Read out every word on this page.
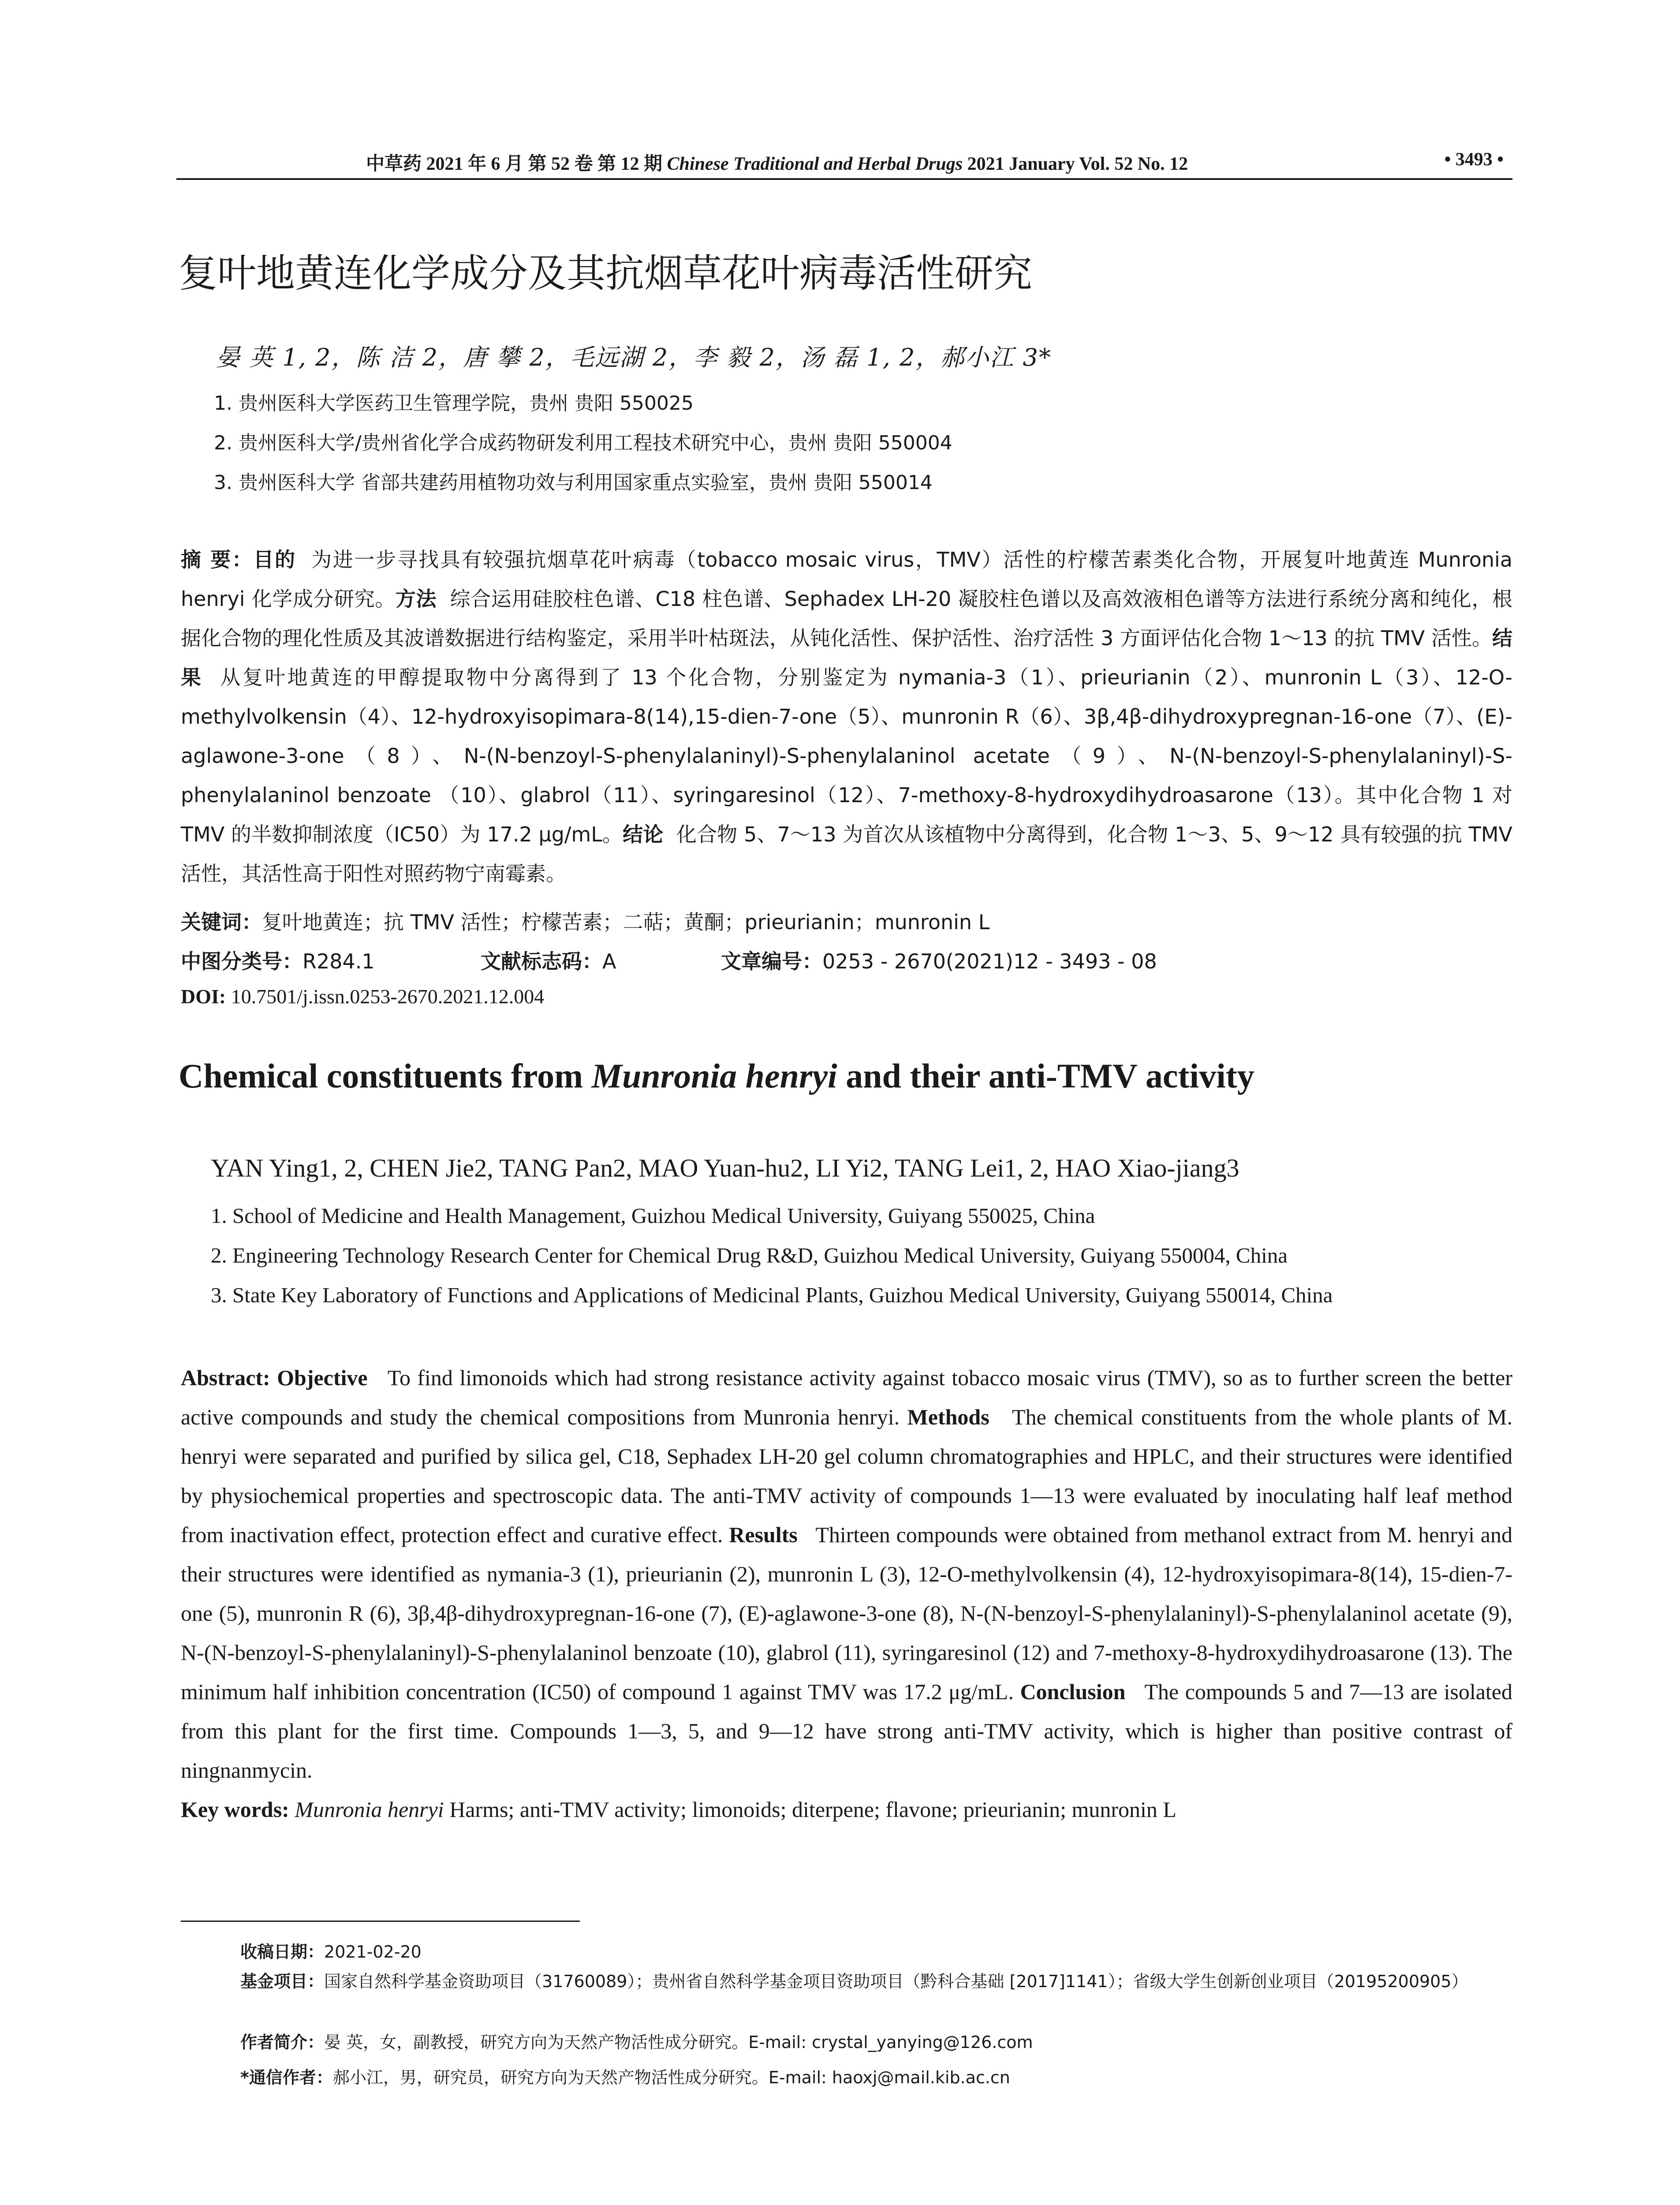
中草药 2021 年 6 月 第 52 卷 第 12 期 Chinese Traditional and Herbal Drugs 2021 January Vol. 52 No. 12	• 3493 •
复叶地黄连化学成分及其抗烟草花叶病毒活性研究
晏 英 1, 2，陈 洁 2，唐 攀 2，毛远湖 2，李 毅 2，汤 磊 1, 2，郝小江 3*
1. 贵州医科大学医药卫生管理学院，贵州 贵阳 550025
2. 贵州医科大学/贵州省化学合成药物研发利用工程技术研究中心，贵州 贵阳 550004
3. 贵州医科大学 省部共建药用植物功效与利用国家重点实验室，贵州 贵阳 550014
摘 要：目的 为进一步寻找具有较强抗烟草花叶病毒（tobacco mosaic virus，TMV）活性的柠檬苦素类化合物，开展复叶地黄连 Munronia henryi 化学成分研究。方法 综合运用硅胶柱色谱、C18 柱色谱、Sephadex LH-20 凝胶柱色谱以及高效液相色谱等方法进行系统分离和纯化，根据化合物的理化性质及其波谱数据进行结构鉴定，采用半叶枯斑法，从钝化活性、保护活性、治疗活性 3 方面评估化合物 1～13 的抗 TMV 活性。结果 从复叶地黄连的甲醇提取物中分离得到了 13 个化合物，分别鉴定为 nymania-3（1）、prieurianin（2）、munronin L（3）、12-O-methylvolkensin（4）、12-hydroxyisopimara-8(14),15-dien-7-one（5）、munronin R（6）、3β,4β-dihydroxypregnan-16-one（7）、(E)-aglawone-3-one（8）、N-(N-benzoyl-S-phenylalaninyl)-S-phenylalaninol acetate（9）、N-(N-benzoyl-S-phenylalaninyl)-S-phenylalaninol benzoate （10）、glabrol（11）、syringaresinol（12）、7-methoxy-8-hydroxydihydroasarone（13）。其中化合物 1 对 TMV 的半数抑制浓度（IC50）为 17.2 μg/mL。结论 化合物 5、7～13 为首次从该植物中分离得到，化合物 1～3、5、9～12 具有较强的抗 TMV 活性，其活性高于阳性对照药物宁南霉素。
关键词：复叶地黄连；抗 TMV 活性；柠檬苦素；二萜；黄酮；prieurianin；munronin L
中图分类号：R284.1	文献标志码：A	文章编号：0253 - 2670(2021)12 - 3493 - 08
DOI: 10.7501/j.issn.0253-2670.2021.12.004
Chemical constituents from Munronia henryi and their anti-TMV activity
YAN Ying1, 2, CHEN Jie2, TANG Pan2, MAO Yuan-hu2, LI Yi2, TANG Lei1, 2, HAO Xiao-jiang3
1. School of Medicine and Health Management, Guizhou Medical University, Guiyang 550025, China
2. Engineering Technology Research Center for Chemical Drug R&D, Guizhou Medical University, Guiyang 550004, China
3. State Key Laboratory of Functions and Applications of Medicinal Plants, Guizhou Medical University, Guiyang 550014, China
Abstract: Objective To find limonoids which had strong resistance activity against tobacco mosaic virus (TMV), so as to further screen the better active compounds and study the chemical compositions from Munronia henryi. Methods The chemical constituents from the whole plants of M. henryi were separated and purified by silica gel, C18, Sephadex LH-20 gel column chromatographies and HPLC, and their structures were identified by physiochemical properties and spectroscopic data. The anti-TMV activity of compounds 1—13 were evaluated by inoculating half leaf method from inactivation effect, protection effect and curative effect. Results Thirteen compounds were obtained from methanol extract from M. henryi and their structures were identified as nymania-3 (1), prieurianin (2), munronin L (3), 12-O-methylvolkensin (4), 12-hydroxyisopimara-8(14), 15-dien-7-one (5), munronin R (6), 3β,4β-dihydroxypregnan-16-one (7), (E)-aglawone-3-one (8), N-(N-benzoyl-S-phenylalaninyl)-S-phenylalaninol acetate (9), N-(N-benzoyl-S-phenylalaninyl)-S-phenylalaninol benzoate (10), glabrol (11), syringaresinol (12) and 7-methoxy-8-hydroxydihydroasarone (13). The minimum half inhibition concentration (IC50) of compound 1 against TMV was 17.2 μg/mL. Conclusion The compounds 5 and 7—13 are isolated from this plant for the first time. Compounds 1—3, 5, and 9—12 have strong anti-TMV activity, which is higher than positive contrast of ningnanmycin.
Key words: Munronia henryi Harms; anti-TMV activity; limonoids; diterpene; flavone; prieurianin; munronin L
收稿日期：2021-02-20
基金项目：国家自然科学基金资助项目（31760089）；贵州省自然科学基金项目资助项目（黔科合基础 [2017]1141）；省级大学生创新创业项目（20195200905）
作者简介：晏 英，女，副教授，研究方向为天然产物活性成分研究。E-mail: crystal_yanying@126.com
*通信作者：郝小江，男，研究员，研究方向为天然产物活性成分研究。E-mail: haoxj@mail.kib.ac.cn
